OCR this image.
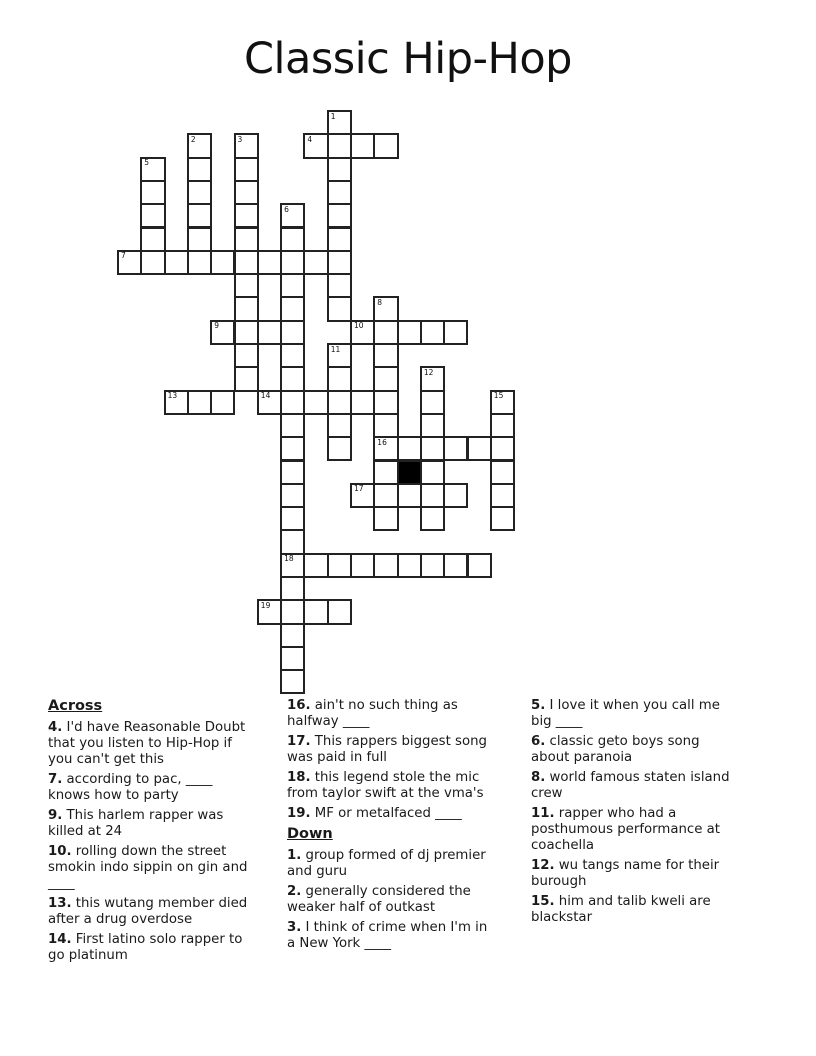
Classic Hip-Hop
1
2	3	4
5
6
7
8
9	10
11
12
13	14	15
16
17
18
19

Across

4. I'd have Reasonable Doubt that you listen to Hip-Hop if you can't get this

7. according to pac, ____ knows how to party

9. This harlem rapper was killed at 24

10. rolling down the street smokin indo sippin on gin and ____

13. this wutang member died after a drug overdose

14. First latino solo rapper to go platinum

16. ain't no such thing as halfway ____

17. This rappers biggest song was paid in full

18. this legend stole the mic from taylor swift at the vma's

19. MF or metalfaced ____

Down

1. group formed of dj premier and guru

2. generally considered the weaker half of outkast

3. I think of crime when I'm in a New York ____

5. I love it when you call me big ____

6. classic geto boys song about paranoia

8. world famous staten island crew

11. rapper who had a posthumous performance at coachella

12. wu tangs name for their burough

15. him and talib kweli are blackstar
